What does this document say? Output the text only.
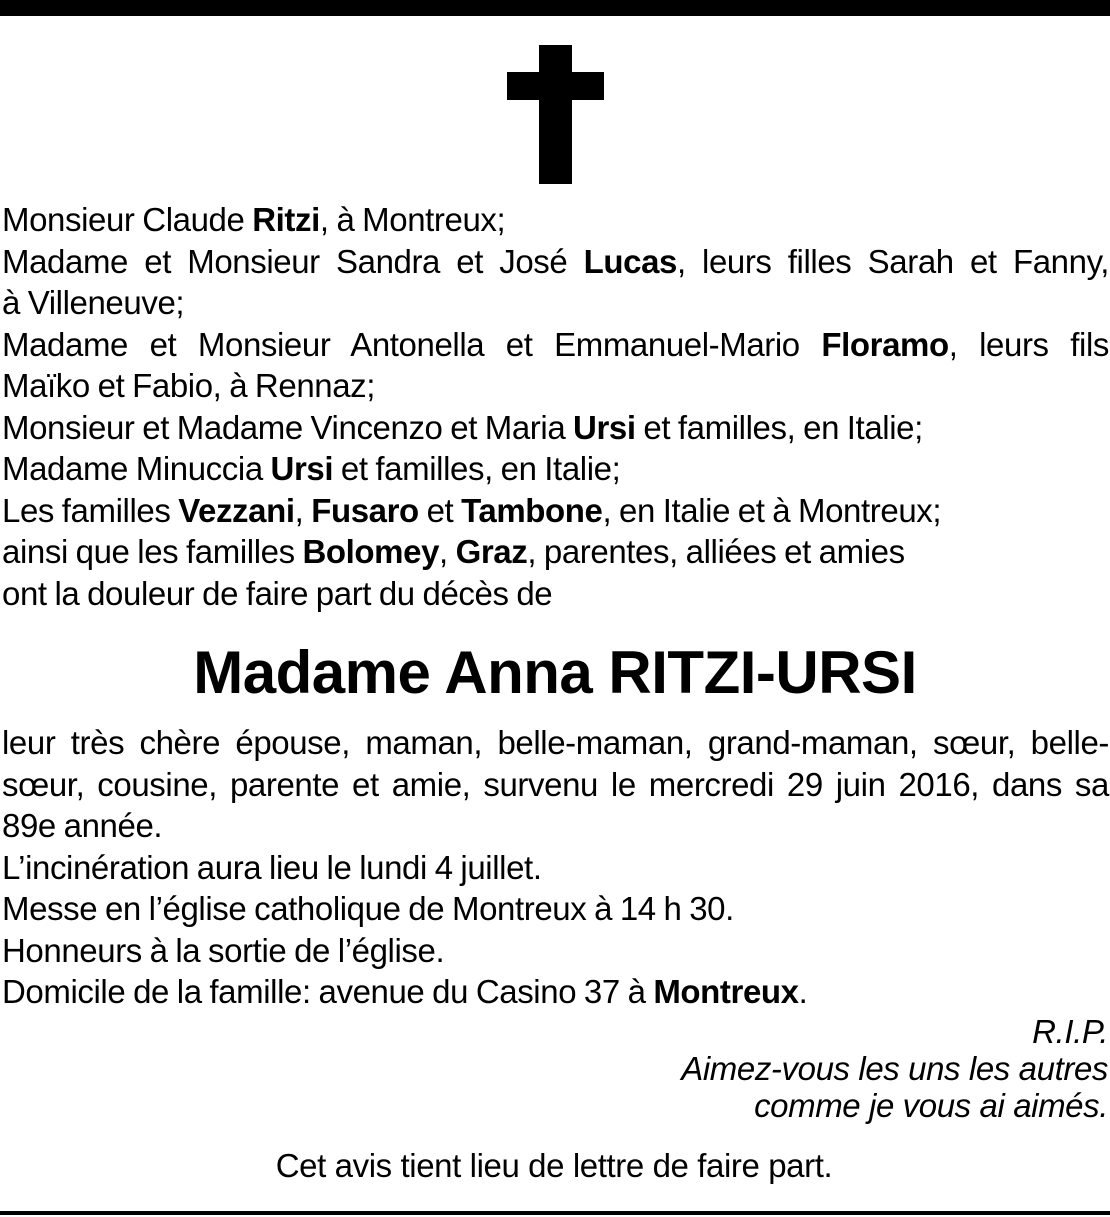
Monsieur Claude Ritzi, à Montreux;
Madame et Monsieur Sandra et José Lucas, leurs filles Sarah et Fanny,
à Villeneuve;
Madame et Monsieur Antonella et Emmanuel-Mario Floramo, leurs fils
Maïko et Fabio, à Rennaz;
Monsieur et Madame Vincenzo et Maria Ursi et familles, en Italie;
Madame Minuccia Ursi et familles, en Italie;
Les familles Vezzani, Fusaro et Tambone, en Italie et à Montreux;
ainsi que les familles Bolomey, Graz, parentes, alliées et amies
ont la douleur de faire part du décès de
Madame Anna RITZI-URSI
leur très chère épouse, maman, belle-maman, grand-maman, sœur, belle-
sœur, cousine, parente et amie, survenu le mercredi 29 juin 2016, dans sa
89e année.
L’incinération aura lieu le lundi 4 juillet.
Messe en l’église catholique de Montreux à 14 h 30.
Honneurs à la sortie de l’église.
Domicile de la famille: avenue du Casino 37 à Montreux.
R.I.P.
Aimez-vous les uns les autres
comme je vous ai aimés.
Cet avis tient lieu de lettre de faire part.
